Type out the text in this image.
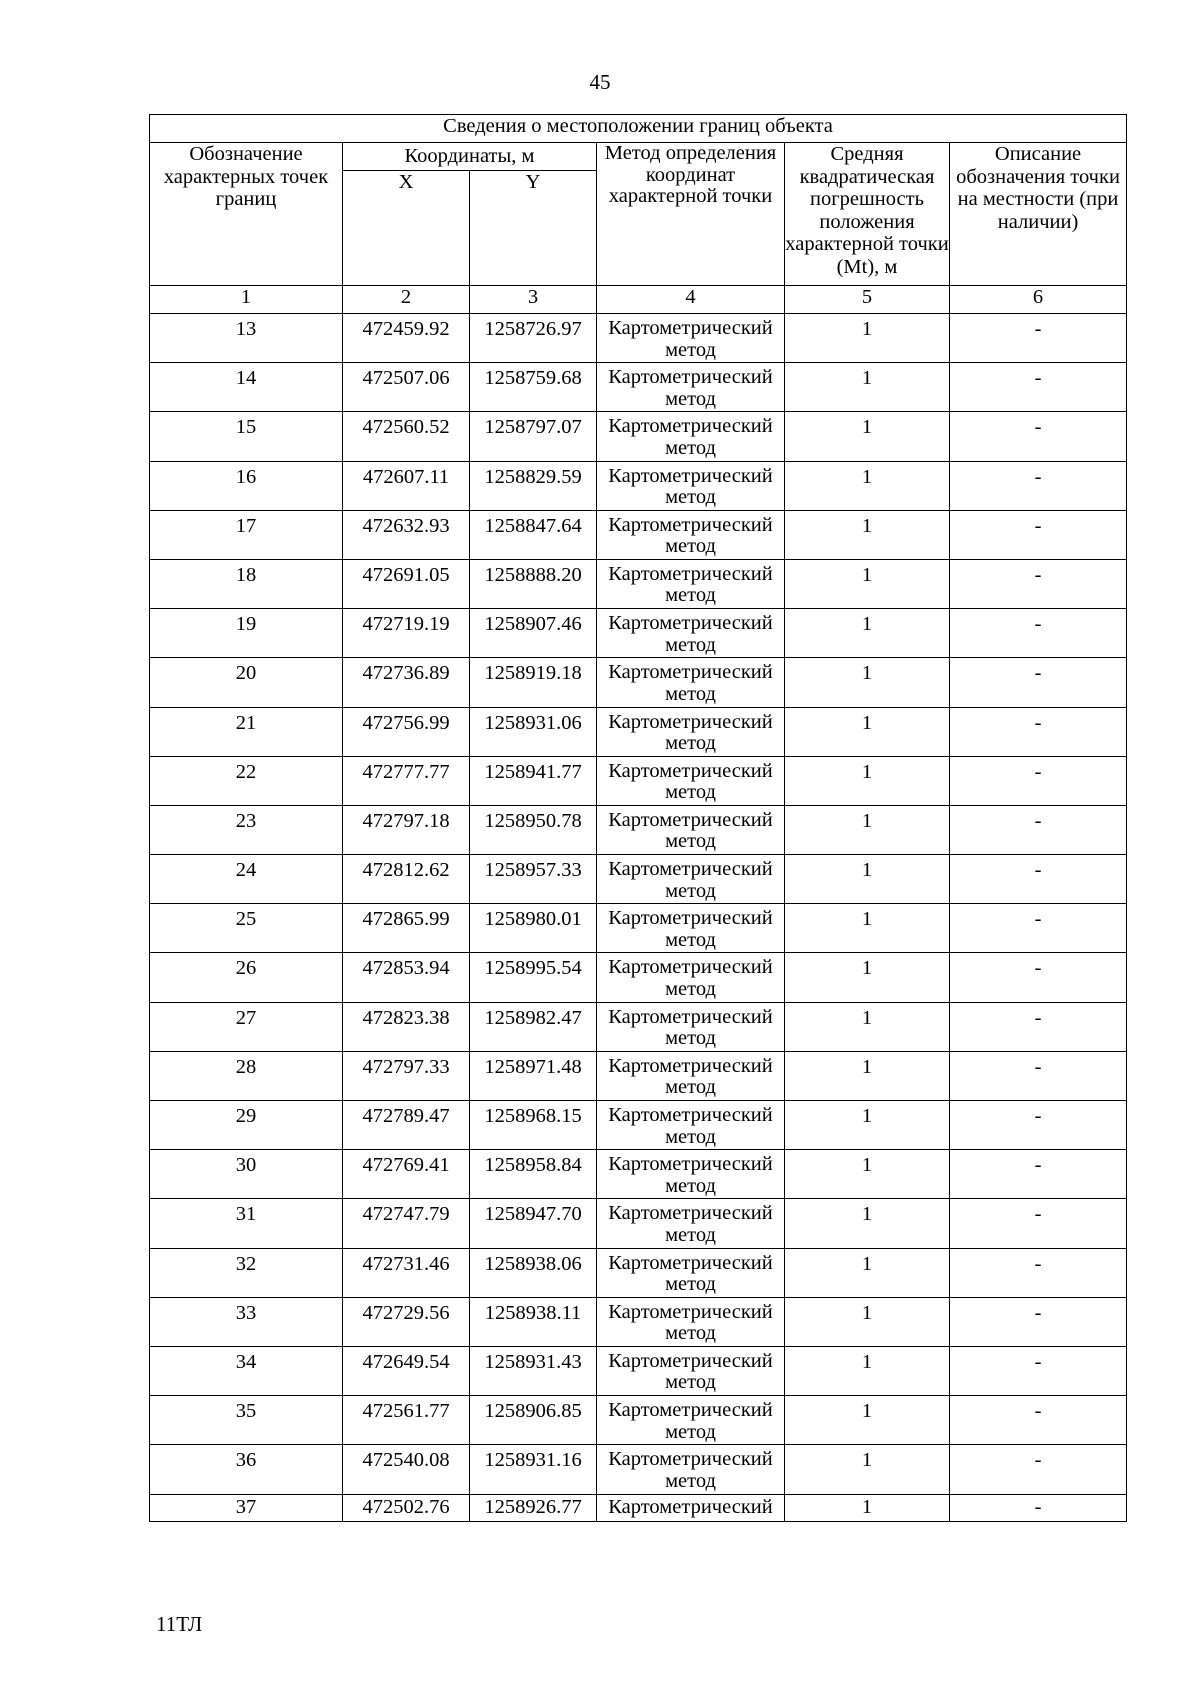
45
Сведения о местоположении границ объекта					
Обозначение характерных точек границ	Координаты, м		Метод определения координат характерной точки	Средняя квадратическая погрешность положения характерной точки (Mt), м	Описание обозначения точки на местности (при наличии)
	X	Y			
1	2	3	4	5	6
13	472459.92	1258726.97	Картометрический метод	1	-
14	472507.06	1258759.68	Картометрический метод	1	-
15	472560.52	1258797.07	Картометрический метод	1	-
16	472607.11	1258829.59	Картометрический метод	1	-
17	472632.93	1258847.64	Картометрический метод	1	-
18	472691.05	1258888.20	Картометрический метод	1	-
19	472719.19	1258907.46	Картометрический метод	1	-
20	472736.89	1258919.18	Картометрический метод	1	-
21	472756.99	1258931.06	Картометрический метод	1	-
22	472777.77	1258941.77	Картометрический метод	1	-
23	472797.18	1258950.78	Картометрический метод	1	-
24	472812.62	1258957.33	Картометрический метод	1	-
25	472865.99	1258980.01	Картометрический метод	1	-
26	472853.94	1258995.54	Картометрический метод	1	-
27	472823.38	1258982.47	Картометрический метод	1	-
28	472797.33	1258971.48	Картометрический метод	1	-
29	472789.47	1258968.15	Картометрический метод	1	-
30	472769.41	1258958.84	Картометрический метод	1	-
31	472747.79	1258947.70	Картометрический метод	1	-
32	472731.46	1258938.06	Картометрический метод	1	-
33	472729.56	1258938.11	Картометрический метод	1	-
34	472649.54	1258931.43	Картометрический метод	1	-
35	472561.77	1258906.85	Картометрический метод	1	-
36	472540.08	1258931.16	Картометрический метод	1	-
37	472502.76	1258926.77	Картометрический	1	-
11ТЛ
